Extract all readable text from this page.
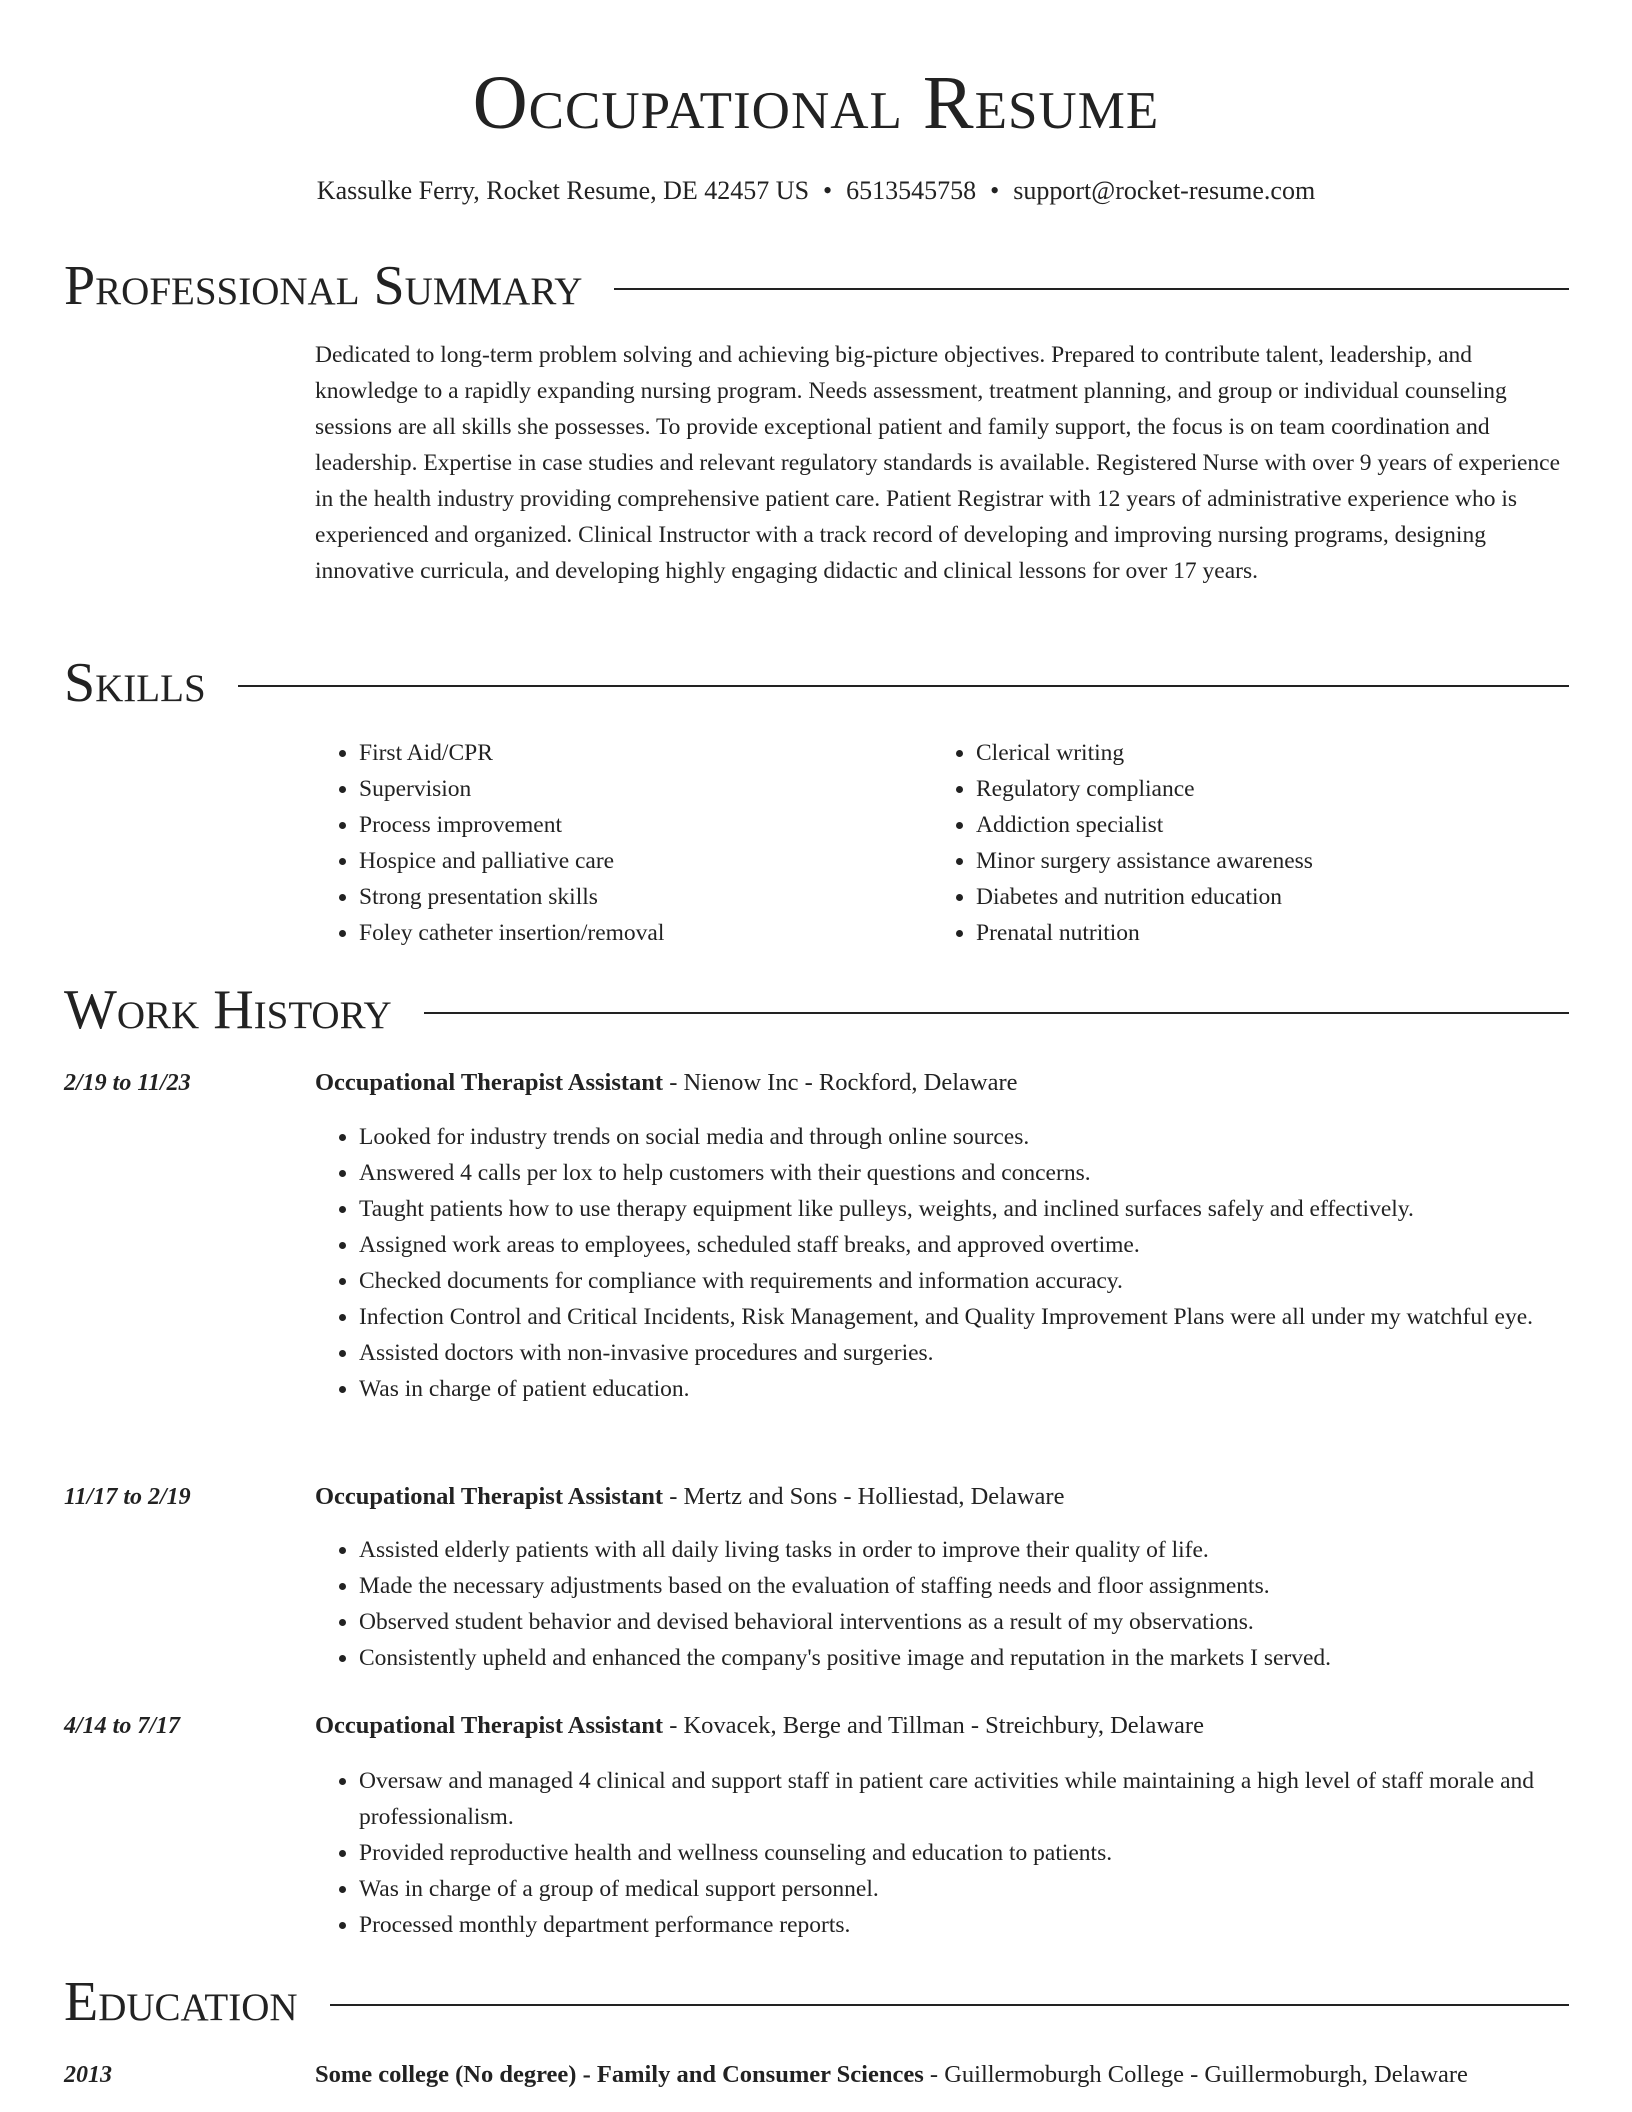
Occupational Resume
Kassulke Ferry, Rocket Resume, DE 42457 US • 6513545758 • support@rocket-resume.com
Professional Summary

Dedicated to long-term problem solving and achieving big-picture objectives. Prepared to contribute talent, leadership, and knowledge to a rapidly expanding nursing program. Needs assessment, treatment planning, and group or individual counseling sessions are all skills she possesses. To provide exceptional patient and family support, the focus is on team coordination and leadership. Expertise in case studies and relevant regulatory standards is available. Registered Nurse with over 9 years of experience in the health industry providing comprehensive patient care. Patient Registrar with 12 years of administrative experience who is experienced and organized. Clinical Instructor with a track record of developing and improving nursing programs, designing innovative curricula, and developing highly engaging didactic and clinical lessons for over 17 years.

Skills
• First Aid/CPR
• Supervision
• Process improvement
• Hospice and palliative care
• Strong presentation skills
• Foley catheter insertion/removal
• Clerical writing
• Regulatory compliance
• Addiction specialist
• Minor surgery assistance awareness
• Diabetes and nutrition education
• Prenatal nutrition
Work History
2/19 to 11/23	Occupational Therapist Assistant - Nienow Inc - Rockford, Delaware
• Looked for industry trends on social media and through online sources.
• Answered 4 calls per lox to help customers with their questions and concerns.
• Taught patients how to use therapy equipment like pulleys, weights, and inclined surfaces safely and effectively.
• Assigned work areas to employees, scheduled staff breaks, and approved overtime.
• Checked documents for compliance with requirements and information accuracy.
• Infection Control and Critical Incidents, Risk Management, and Quality Improvement Plans were all under my watchful eye.
• Assisted doctors with non-invasive procedures and surgeries.
• Was in charge of patient education.
11/17 to 2/19	Occupational Therapist Assistant - Mertz and Sons - Holliestad, Delaware
• Assisted elderly patients with all daily living tasks in order to improve their quality of life.
• Made the necessary adjustments based on the evaluation of staffing needs and floor assignments.
• Observed student behavior and devised behavioral interventions as a result of my observations.
• Consistently upheld and enhanced the company's positive image and reputation in the markets I served.
4/14 to 7/17	Occupational Therapist Assistant - Kovacek, Berge and Tillman - Streichbury, Delaware
• Oversaw and managed 4 clinical and support staff in patient care activities while maintaining a high level of staff morale and professionalism.
• Provided reproductive health and wellness counseling and education to patients.
• Was in charge of a group of medical support personnel.
• Processed monthly department performance reports.
Education
2013	Some college (No degree) - Family and Consumer Sciences - Guillermoburgh College - Guillermoburgh, Delaware
